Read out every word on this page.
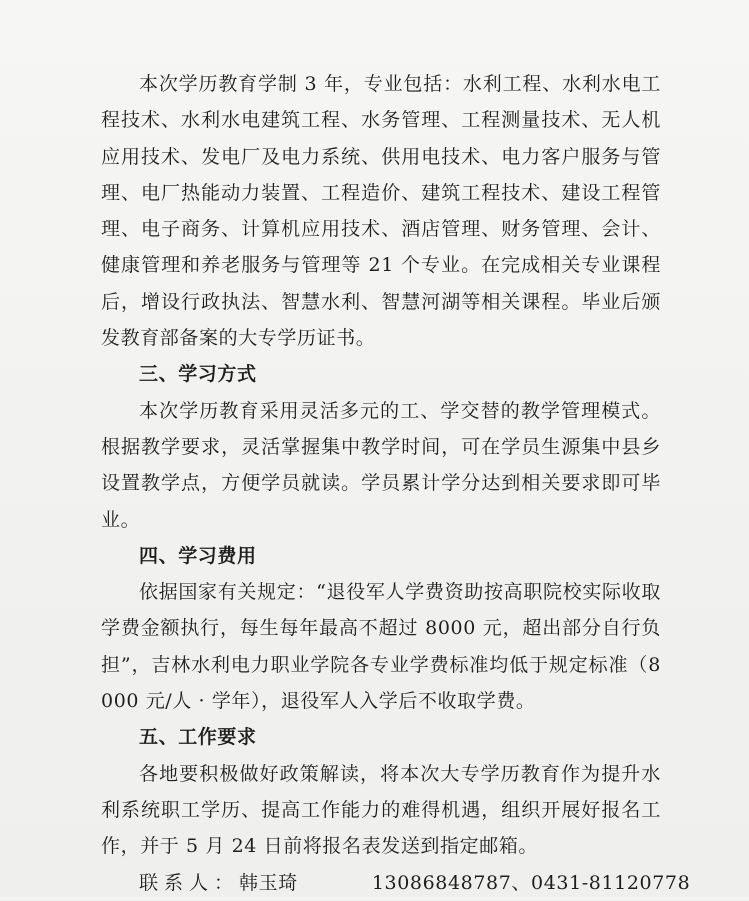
本次学历教育学制 3 年，专业包括：水利工程、水利水电工程技术、水利水电建筑工程、水务管理、工程测量技术、无人机应用技术、发电厂及电力系统、供用电技术、电力客户服务与管理、电厂热能动力装置、工程造价、建筑工程技术、建设工程管理、电子商务、计算机应用技术、酒店管理、财务管理、会计、健康管理和养老服务与管理等 21 个专业。在完成相关专业课程后，增设行政执法、智慧水利、智慧河湖等相关课程。毕业后颁发教育部备案的大专学历证书。

三、学习方式

本次学历教育采用灵活多元的工、学交替的教学管理模式。根据教学要求，灵活掌握集中教学时间，可在学员生源集中县乡设置教学点，方便学员就读。学员累计学分达到相关要求即可毕业。

四、学习费用

依据国家有关规定：“退役军人学费资助按高职院校实际收取学费金额执行，每生每年最高不超过 8000 元，超出部分自行负担”，吉林水利电力职业学院各专业学费标准均低于规定标准（8000 元/人 · 学年），退役军人入学后不收取学费。

五、工作要求

各地要积极做好政策解读，将本次大专学历教育作为提升水利系统职工学历、提高工作能力的难得机遇，组织开展好报名工作，并于 5 月 24 日前将报名表发送到指定邮箱。

联系人：韩玉琦	13086848787、0431-81120778
